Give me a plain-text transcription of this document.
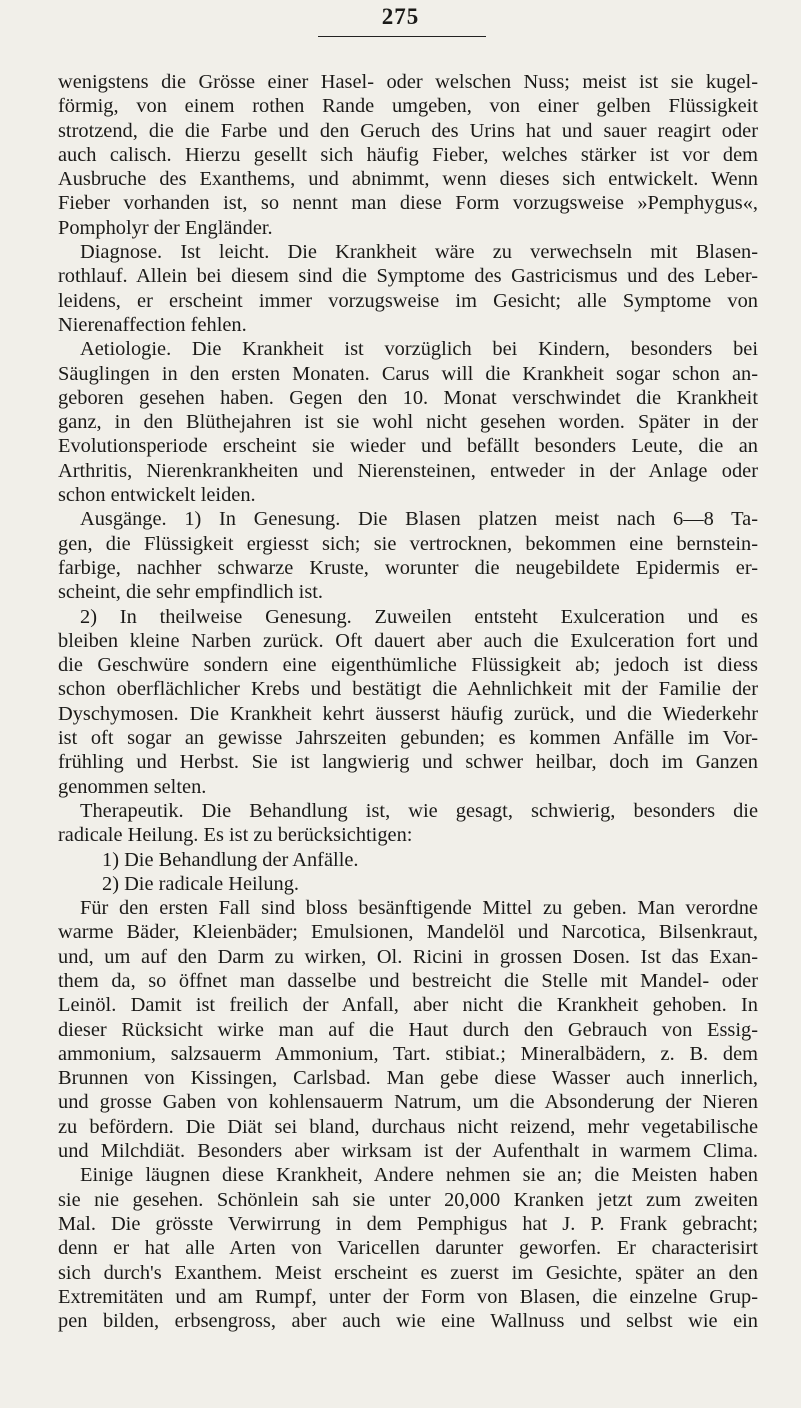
275
wenigstens die Grösse einer Hasel- oder welschen Nuss; meist ist sie kugel-
förmig, von einem rothen Rande umgeben, von einer gelben Flüssigkeit
strotzend, die die Farbe und den Geruch des Urins hat und sauer reagirt oder
auch calisch. Hierzu gesellt sich häufig Fieber, welches stärker ist vor dem
Ausbruche des Exanthems, und abnimmt, wenn dieses sich entwickelt. Wenn
Fieber vorhanden ist, so nennt man diese Form vorzugsweise »Pemphygus«,
Pompholyr der Engländer.
Diagnose. Ist leicht. Die Krankheit wäre zu verwechseln mit Blasen-
rothlauf. Allein bei diesem sind die Symptome des Gastricismus und des Leber-
leidens, er erscheint immer vorzugsweise im Gesicht; alle Symptome von
Nierenaffection fehlen.
Aetiologie. Die Krankheit ist vorzüglich bei Kindern, besonders bei
Säuglingen in den ersten Monaten. Carus will die Krankheit sogar schon an-
geboren gesehen haben. Gegen den 10. Monat verschwindet die Krankheit
ganz, in den Blüthejahren ist sie wohl nicht gesehen worden. Später in der
Evolutionsperiode erscheint sie wieder und befällt besonders Leute, die an
Arthritis, Nierenkrankheiten und Nierensteinen, entweder in der Anlage oder
schon entwickelt leiden.
Ausgänge. 1) In Genesung. Die Blasen platzen meist nach 6—8 Ta-
gen, die Flüssigkeit ergiesst sich; sie vertrocknen, bekommen eine bernstein-
farbige, nachher schwarze Kruste, worunter die neugebildete Epidermis er-
scheint, die sehr empfindlich ist.
2) In theilweise Genesung. Zuweilen entsteht Exulceration und es
bleiben kleine Narben zurück. Oft dauert aber auch die Exulceration fort und
die Geschwüre sondern eine eigenthümliche Flüssigkeit ab; jedoch ist diess
schon oberflächlicher Krebs und bestätigt die Aehnlichkeit mit der Familie der
Dyschymosen. Die Krankheit kehrt äusserst häufig zurück, und die Wiederkehr
ist oft sogar an gewisse Jahrszeiten gebunden; es kommen Anfälle im Vor-
frühling und Herbst. Sie ist langwierig und schwer heilbar, doch im Ganzen
genommen selten.
Therapeutik. Die Behandlung ist, wie gesagt, schwierig, besonders die
radicale Heilung. Es ist zu berücksichtigen:
1) Die Behandlung der Anfälle.
2) Die radicale Heilung.
Für den ersten Fall sind bloss besänftigende Mittel zu geben. Man verordne
warme Bäder, Kleienbäder; Emulsionen, Mandelöl und Narcotica, Bilsenkraut,
und, um auf den Darm zu wirken, Ol. Ricini in grossen Dosen. Ist das Exan-
them da, so öffnet man dasselbe und bestreicht die Stelle mit Mandel- oder
Leinöl. Damit ist freilich der Anfall, aber nicht die Krankheit gehoben. In
dieser Rücksicht wirke man auf die Haut durch den Gebrauch von Essig-
ammonium, salzsauerm Ammonium, Tart. stibiat.; Mineralbädern, z. B. dem
Brunnen von Kissingen, Carlsbad. Man gebe diese Wasser auch innerlich,
und grosse Gaben von kohlensauerm Natrum, um die Absonderung der Nieren
zu befördern. Die Diät sei bland, durchaus nicht reizend, mehr vegetabilische
und Milchdiät. Besonders aber wirksam ist der Aufenthalt in warmem Clima.
Einige läugnen diese Krankheit, Andere nehmen sie an; die Meisten haben
sie nie gesehen. Schönlein sah sie unter 20,000 Kranken jetzt zum zweiten
Mal. Die grösste Verwirrung in dem Pemphigus hat J. P. Frank gebracht;
denn er hat alle Arten von Varicellen darunter geworfen. Er characterisirt
sich durch's Exanthem. Meist erscheint es zuerst im Gesichte, später an den
Extremitäten und am Rumpf, unter der Form von Blasen, die einzelne Grup-
pen bilden, erbsengross, aber auch wie eine Wallnuss und selbst wie ein
